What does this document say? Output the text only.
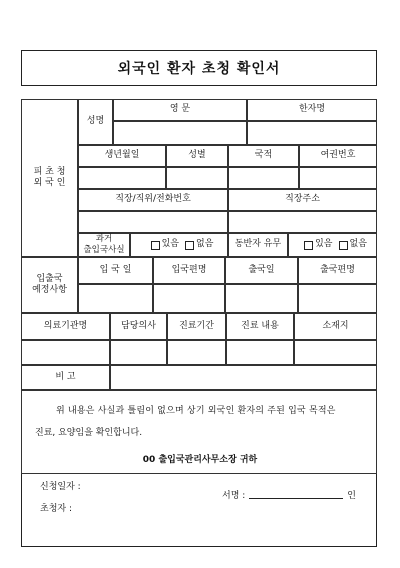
외국인 환자 초청 확인서
피 초 청
외 국 인
성명
영 문	한자명
생년월일	성별	국적	여권번호
직장/직위/전화번호	직장주소
과거
출입국사실
있음 없음	동반자 유무	있음 없음
입출국
예정사항
입 국 일	입국편명	출국일	출국편명
의료기관명	담당의사	진료기간	진료 내용	소재지
비 고
위 내용은 사실과 틀림이 없으며 상기 외국인 환자의 주된 입국 목적은
진료, 요양임을 확인합니다.
00 출입국관리사무소장 귀하
신청일자 :
초청자 :
서명 :	인
